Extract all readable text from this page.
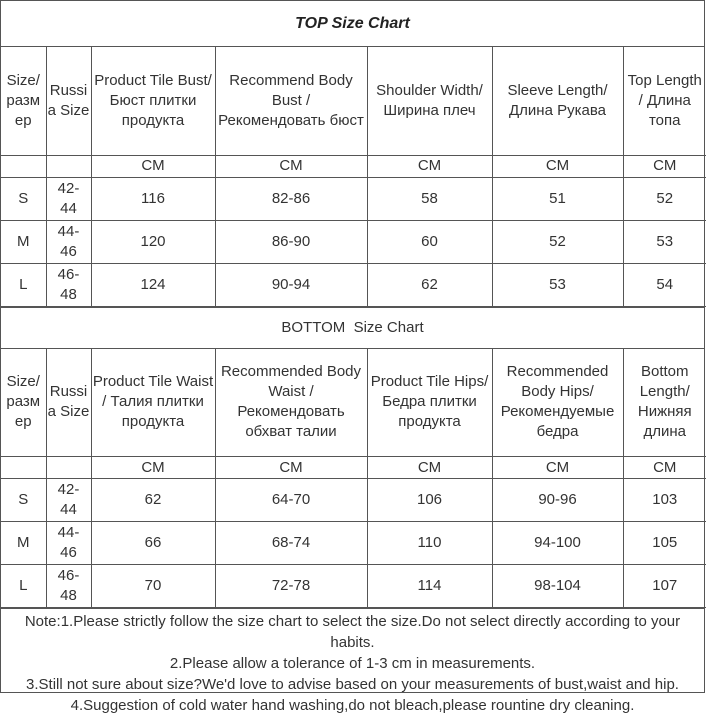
TOP Size Chart
Size/ разм ер	Russi a Size	Product Tile Bust/ Бюст плитки продукта	Recommend Body Bust / Рекомендовать бюст	Shoulder Width/ Ширина плеч	Sleeve Length/ Длина Рукава	Top Length / Длина топа
		CM	CM	CM	CM	CM
S	42- 44	116	82-86	58	51	52
M	44- 46	120	86-90	60	52	53
L	46- 48	124	90-94	62	53	54
BOTTOM  Size Chart
Size/ разм ер	Russi a Size	Product Tile Waist / Талия плитки продукта	Recommended Body Waist / Рекомендовать обхват талии	Product Tile Hips/ Бедра плитки продукта	Recommended Body Hips/ Рекомендуемые бедра	Bottom Length/ Нижняя длина
		CM	CM	CM	CM	CM
S	42- 44	62	64-70	106	90-96	103
M	44- 46	66	68-74	110	94-100	105
L	46- 48	70	72-78	114	98-104	107

Note:1.Please strictly follow the size chart to select the size.Do not select directly according to your habits.

2.Please allow a tolerance of 1-3 cm in measurements.

3.Still not sure about size?We'd love to advise based on your measurements of bust,waist and hip.

4.Suggestion of cold water hand washing,do not bleach,please rountine dry cleaning.
